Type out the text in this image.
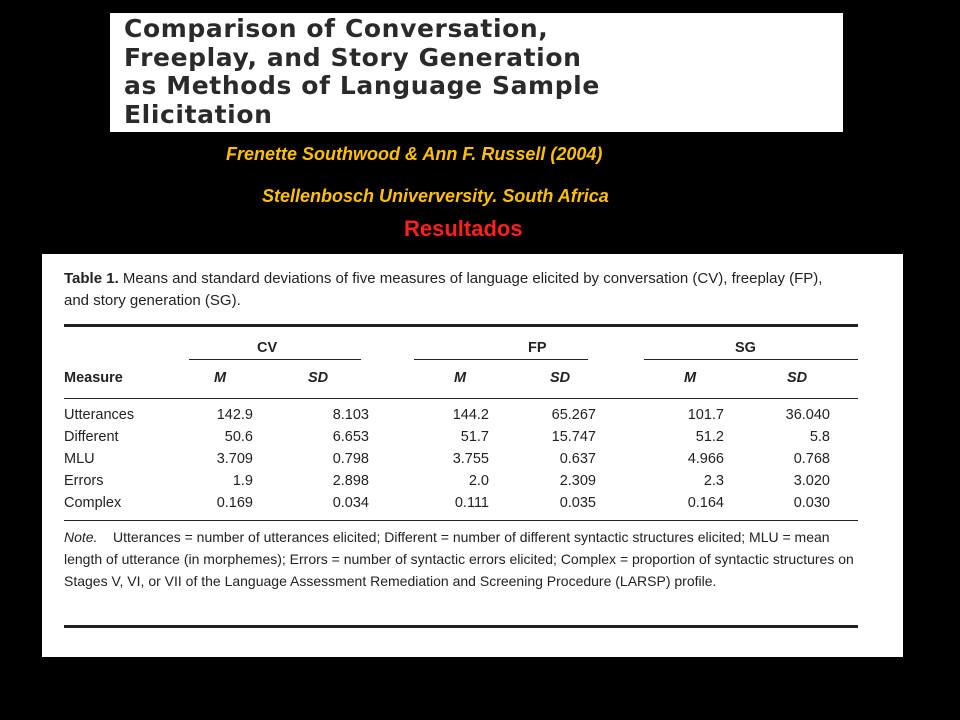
Comparison of Conversation,
Freeplay, and Story Generation
as Methods of Language Sample
Elicitation
Frenette Southwood & Ann F. Russell (2004)
Stellenbosch Univerversity. South Africa
Resultados
Table 1. Means and standard deviations of five measures of language elicited by conversation (CV), freeplay (FP), and story generation (SG).
CV	FP	SG
Measure	M	SD	M	SD	M	SD
Utterances	142.9	8.103	144.2	65.267	101.7	36.040
Different	50.6	6.653	51.7	15.747	51.2	5.8
MLU	3.709	0.798	3.755	0.637	4.966	0.768
Errors	1.9	2.898	2.0	2.309	2.3	3.020
Complex	0.169	0.034	0.111	0.035	0.164	0.030
Note. Utterances = number of utterances elicited; Different = number of different syntactic structures elicited; MLU = mean length of utterance (in morphemes); Errors = number of syntactic errors elicited; Complex = proportion of syntactic structures on Stages V, VI, or VII of the Language Assessment Remediation and Screening Procedure (LARSP) profile.
